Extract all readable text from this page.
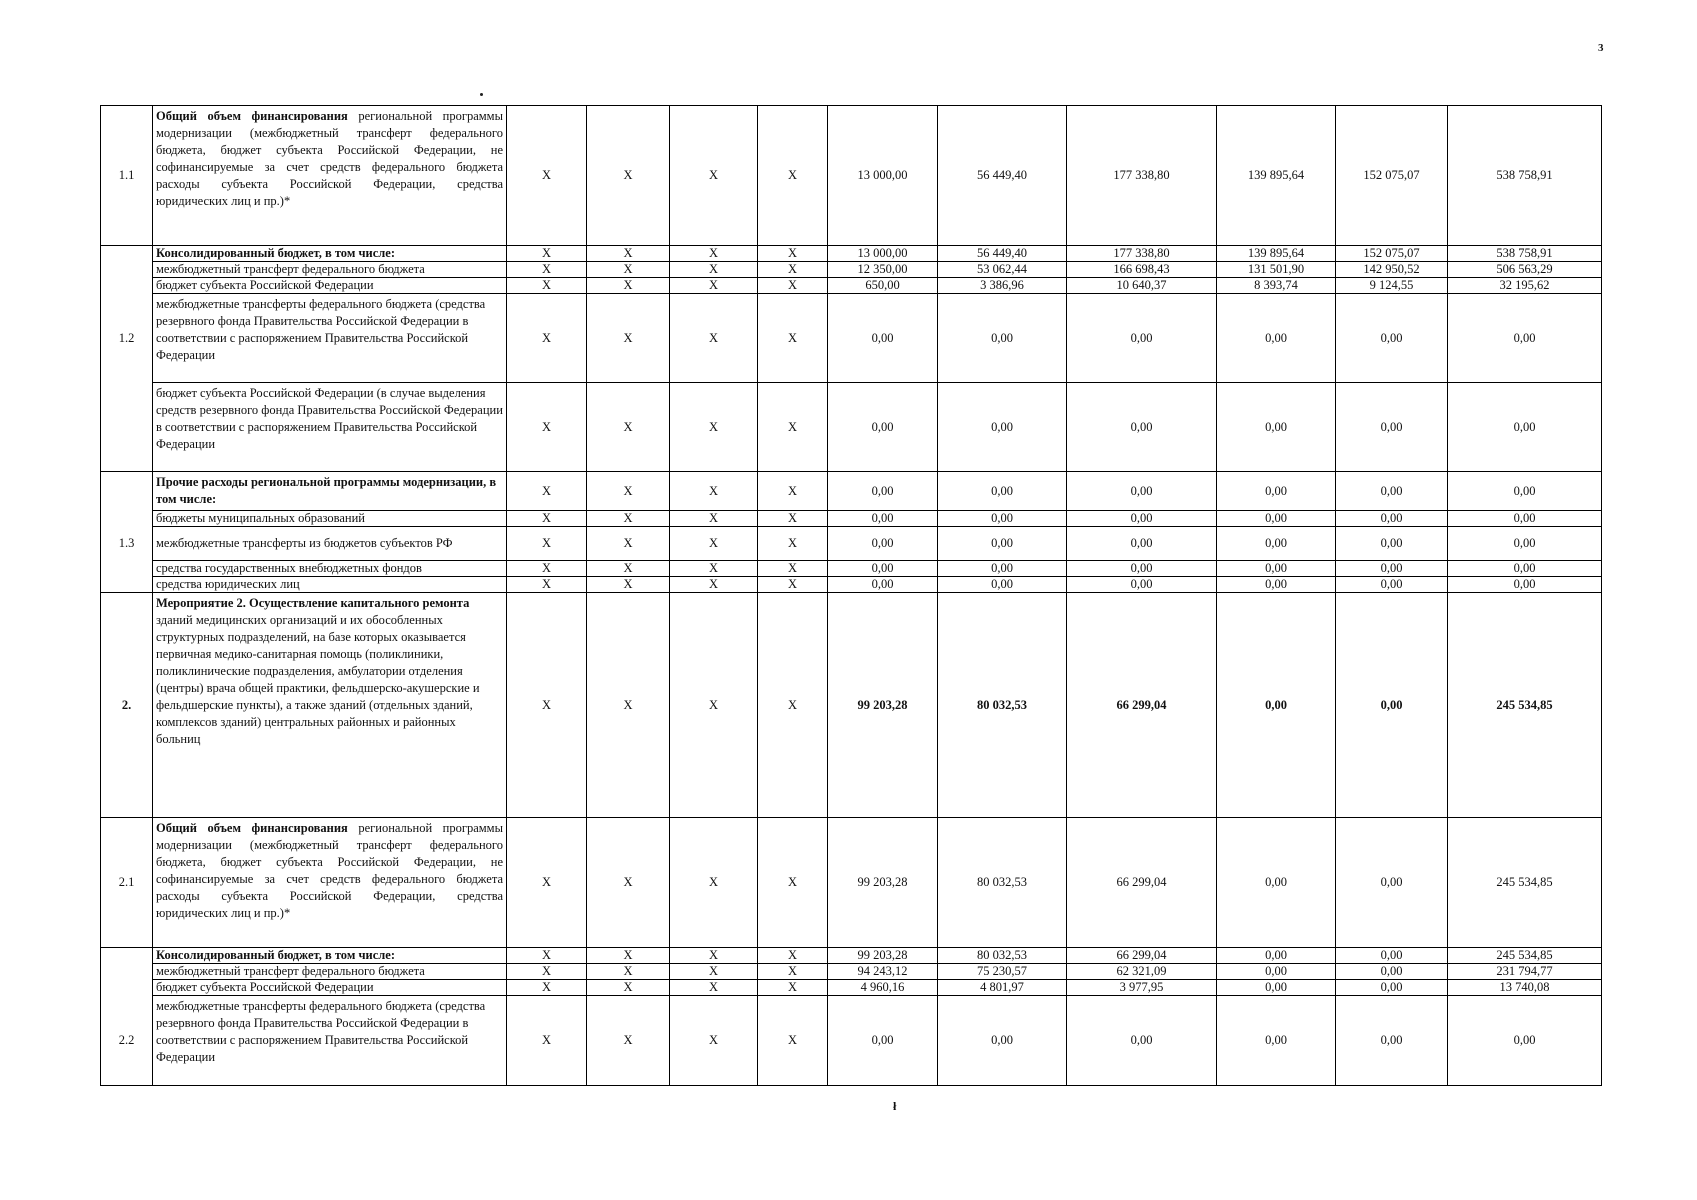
3
1.1	Общий объем финансирования региональной программы модернизации (межбюджетный трансферт федерального бюджета, бюджет субъекта Российской Федерации, не софинансируемые за счет средств федерального бюджета расходы субъекта Российской Федерации, средства юридических лиц и пр.)*	X	X	X	X	13 000,00	56 449,40	177 338,80	139 895,64	152 075,07	538 758,91
	Консолидированный бюджет, в том числе:	X	X	X	X	13 000,00	56 449,40	177 338,80	139 895,64	152 075,07	538 758,91
	межбюджетный трансферт федерального бюджета	X	X	X	X	12 350,00	53 062,44	166 698,43	131 501,90	142 950,52	506 563,29
	бюджет субъекта Российской Федерации	X	X	X	X	650,00	3 386,96	10 640,37	8 393,74	9 124,55	32 195,62
1.2	межбюджетные трансферты федерального бюджета (средства резервного фонда Правительства Российской Федерации в соответствии с распоряжением Правительства Российской Федерации	X	X	X	X	0,00	0,00	0,00	0,00	0,00	0,00
	бюджет субъекта Российской Федерации (в случае выделения средств резервного фонда Правительства Российской Федерации в соответствии с распоряжением Правительства Российской Федерации	X	X	X	X	0,00	0,00	0,00	0,00	0,00	0,00
	Прочие расходы региональной программы модернизации, в том числе:	X	X	X	X	0,00	0,00	0,00	0,00	0,00	0,00
	бюджеты муниципальных образований	X	X	X	X	0,00	0,00	0,00	0,00	0,00	0,00
1.3	межбюджетные трансферты из бюджетов субъектов РФ	X	X	X	X	0,00	0,00	0,00	0,00	0,00	0,00
	средства государственных внебюджетных фондов	X	X	X	X	0,00	0,00	0,00	0,00	0,00	0,00
	средства юридических лиц	X	X	X	X	0,00	0,00	0,00	0,00	0,00	0,00
2.	Мероприятие 2. Осуществление капитального ремонта зданий медицинских организаций и их обособленных структурных подразделений, на базе которых оказывается первичная медико-санитарная помощь (поликлиники, поликлинические подразделения, амбулатории отделения (центры) врача общей практики, фельдшерско-акушерские и фельдшерские пункты), а также зданий (отдельных зданий, комплексов зданий) центральных районных и районных больниц	X	X	X	X	99 203,28	80 032,53	66 299,04	0,00	0,00	245 534,85
2.1	Общий объем финансирования региональной программы модернизации (межбюджетный трансферт федерального бюджета, бюджет субъекта Российской Федерации, не софинансируемые за счет средств федерального бюджета расходы субъекта Российской Федерации, средства юридических лиц и пр.)*	X	X	X	X	99 203,28	80 032,53	66 299,04	0,00	0,00	245 534,85
	Консолидированный бюджет, в том числе:	X	X	X	X	99 203,28	80 032,53	66 299,04	0,00	0,00	245 534,85
	межбюджетный трансферт федерального бюджета	X	X	X	X	94 243,12	75 230,57	62 321,09	0,00	0,00	231 794,77
	бюджет субъекта Российской Федерации	X	X	X	X	4 960,16	4 801,97	3 977,95	0,00	0,00	13 740,08
2.2	межбюджетные трансферты федерального бюджета (средства резервного фонда Правительства Российской Федерации в соответствии с распоряжением Правительства Российской Федерации	X	X	X	X	0,00	0,00	0,00	0,00	0,00	0,00
ł
